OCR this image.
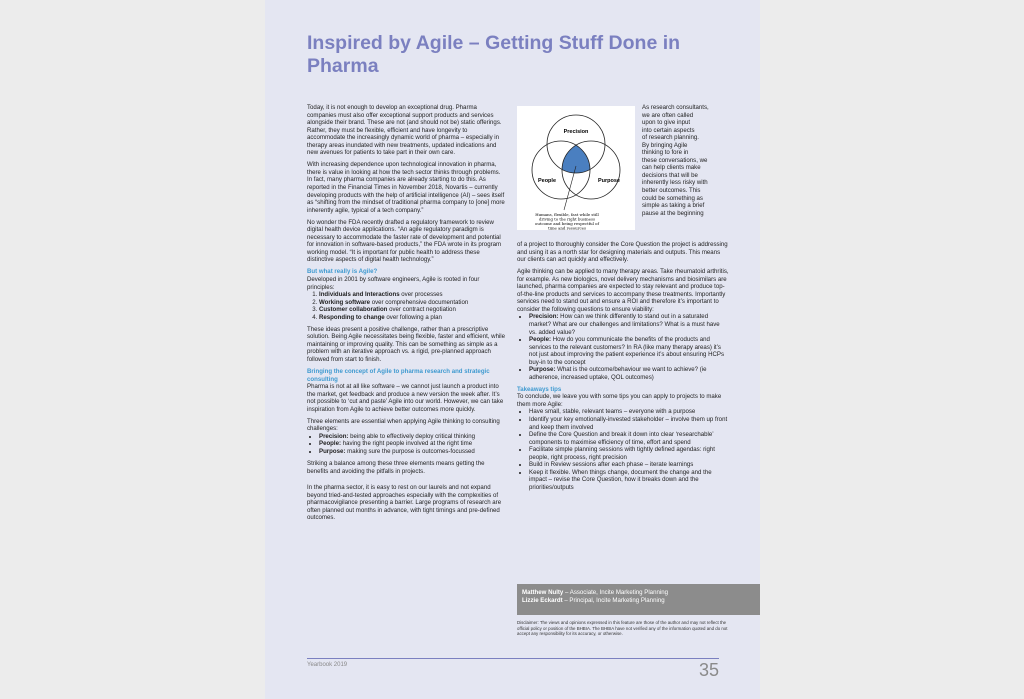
Inspired by Agile – Getting Stuff Done in Pharma

Today, it is not enough to develop an exceptional drug. Pharma companies must also offer exceptional support products and services alongside their brand. These are not (and should not be) static offerings. Rather, they must be flexible, efficient and have longevity to accommodate the increasingly dynamic world of pharma – especially in therapy areas inundated with new treatments, updated indications and new avenues for patients to take part in their own care.

With increasing dependence upon technological innovation in pharma, there is value in looking at how the tech sector thinks through problems. In fact, many pharma companies are already starting to do this. As reported in the Financial Times in November 2018, Novartis – currently developing products with the help of artificial intelligence (AI) – sees itself as “shifting from the mindset of traditional pharma company to [one] more inherently agile, typical of a tech company.”

No wonder the FDA recently drafted a regulatory framework to review digital health device applications. “An agile regulatory paradigm is necessary to accommodate the faster rate of development and potential for innovation in software-based products,” the FDA wrote in its program working model. “It is important for public health to address these distinctive aspects of digital health technology.”

But what really is Agile?

Developed in 2001 by software engineers, Agile is rooted in four principles:

1. Individuals and Interactions over processes
2. Working software over comprehensive documentation
3. Customer collaboration over contract negotiation
4. Responding to change over following a plan

These ideas present a positive challenge, rather than a prescriptive solution. Being Agile necessitates being flexible, faster and efficient, while maintaining or improving quality. This can be something as simple as a problem with an iterative approach vs. a rigid, pre-planned approach followed from start to finish.

Bringing the concept of Agile to pharma research and strategic consulting

Pharma is not at all like software – we cannot just launch a product into the market, get feedback and produce a new version the week after. It’s not possible to ‘cut and paste’ Agile into our world. However, we can take inspiration from Agile to achieve better outcomes more quickly.

Three elements are essential when applying Agile thinking to consulting challenges:

• Precision: being able to effectively deploy critical thinking
• People: having the right people involved at the right time
• Purpose: making sure the purpose is outcomes-focussed

Striking a balance among these three elements means getting the benefits and avoiding the pitfalls in projects.

In the pharma sector, it is easy to rest on our laurels and not expand beyond tried-and-tested approaches especially with the complexities of pharmacovigilance presenting a barrier. Large programs of research are often planned out months in advance, with tight timings and pre-defined outcomes.

Precision
People	Purpose
Humans, flexible, fast while still
driving to the right business
outcome and being respectful of
time and resources
As research consultants,
we are often called
upon to give input
into certain aspects
of research planning.
By bringing Agile
thinking to fore in
these conversations, we
can help clients make
decisions that will be
inherently less risky with
better outcomes. This
could be something as
simple as taking a brief
pause at the beginning

of a project to thoroughly consider the Core Question the project is addressing and using it as a north star for designing materials and outputs. This means our clients can act quickly and effectively.

Agile thinking can be applied to many therapy areas. Take rheumatoid arthritis, for example. As new biologics, novel delivery mechanisms and biosimilars are launched, pharma companies are expected to stay relevant and produce top-of-the-line products and services to accompany these treatments. Importantly services need to stand out and ensure a ROI and therefore it’s important to consider the following questions to ensure viability:

• Precision: How can we think differently to stand out in a saturated market? What are our challenges and limitations? What is a must have vs. added value?
• People: How do you communicate the benefits of the products and services to the relevant customers? In RA (like many therapy areas) it’s not just about improving the patient experience it’s about ensuring HCPs buy-in to the concept
• Purpose: What is the outcome/behaviour we want to achieve? (ie adherence, increased uptake, QOL outcomes)
Takeaways tips

To conclude, we leave you with some tips you can apply to projects to make them more Agile:

• Have small, stable, relevant teams – everyone with a purpose
• Identify your key emotionally-invested stakeholder – involve them up front and keep them involved
• Define the Core Question and break it down into clear ‘researchable’ components to maximise efficiency of time, effort and spend
• Facilitate simple planning sessions with tightly defined agendas: right people, right process, right precision
• Build in Review sessions after each phase – iterate learnings
• Keep it flexible. When things change, document the change and the impact – revise the Core Question, how it breaks down and the priorities/outputs
Matthew Nulty – Associate, Incite Marketing Planning
Lizzie Eckardt – Principal, Incite Marketing Planning
Disclaimer: The views and opinions expressed in this feature are those of the author and may not reflect the official policy or position of the BHBIA. The BHBIA have not verified any of the information quoted and do not accept any responsibility for its accuracy, or otherwise.
Yearbook 2019	35
